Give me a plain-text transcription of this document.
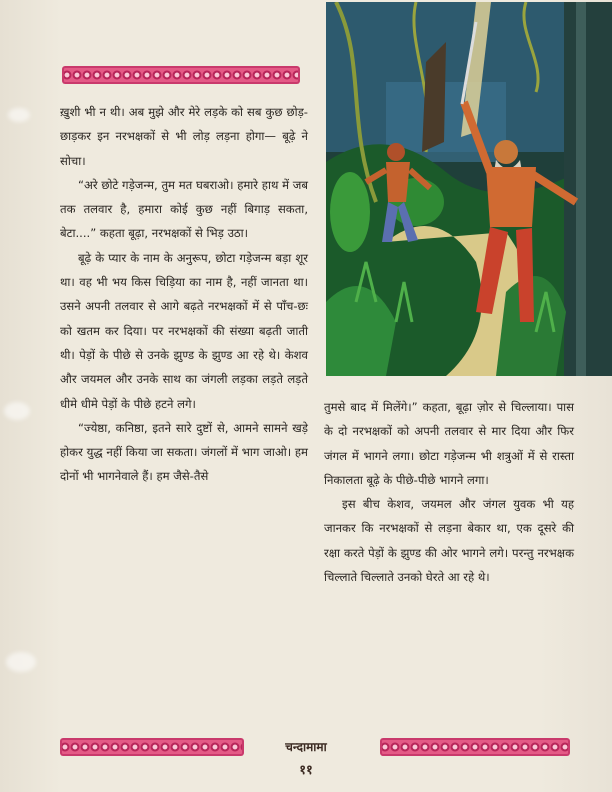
ख़ुशी भी न थी। अब मुझे और मेरे लड़के को सब कुछ छोड़-छाड़कर इन नरभक्षकों से भी लोड़ लड़ना होगा— बूढ़े ने सोचा।

“अरे छोटे गड़ेजन्म, तुम मत घबराओ। हमारे हाथ में जब तक तलवार है, हमारा कोई कुछ नहीं बिगाड़ सकता, बेटा....” कहता बूढ़ा, नरभक्षकों से भिड़ उठा।

बूढ़े के प्यार के नाम के अनुरूप, छोटा गड़ेजन्म बड़ा शूर था। वह भी भय किस चिड़िया का नाम है, नहीं जानता था। उसने अपनी तलवार से आगे बढ़ते नरभक्षकों में से पाँच-छः को खतम कर दिया। पर नरभक्षकों की संख्या बढ़ती जाती थी। पेड़ों के पीछे से उनके झुण्ड के झुण्ड आ रहे थे। केशव और जयमल और उनके साथ का जंगली लड़का लड़ते लड़ते धीमे धीमे पेड़ों के पीछे हटने लगे।

“ज्येष्ठा, कनिष्ठा, इतने सारे दुष्टों से, आमने सामने खड़े होकर युद्ध नहीं किया जा सकता। जंगलों में भाग जाओ। हम दोनों भी भागनेवाले हैं। हम जैसे-तैसे

तुमसे बाद में मिलेंगे।” कहता, बूढ़ा ज़ोर से चिल्लाया। पास के दो नरभक्षकों को अपनी तलवार से मार दिया और फिर जंगल में भागने लगा। छोटा गड़ेजन्म भी शत्रुओं में से रास्ता निकालता बूढ़े के पीछे-पीछे भागने लगा।

इस बीच केशव, जयमल और जंगल युवक भी यह जानकर कि नरभक्षकों से लड़ना बेकार था, एक दूसरे की रक्षा करते पेड़ों के झुण्ड की ओर भागने लगे। परन्तु नरभक्षक चिल्लाते चिल्लाते उनको घेरते आ रहे थे।

चन्दामामा
११
